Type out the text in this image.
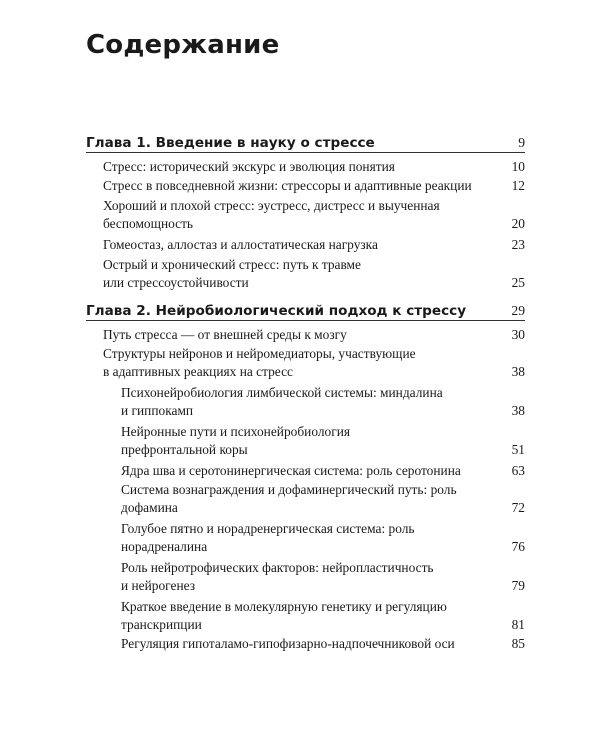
Содержание
Глава 1. Введение в науку о стрессе	9
Стресс: исторический экскурс и эволюция понятия	10
Стресс в повседневной жизни: стрессоры и адаптивные реакции	12
Хороший и плохой стресс: эустресс, дистресс и выученная
беспомощность	20
Гомеостаз, аллостаз и аллостатическая нагрузка	23
Острый и хронический стресс: путь к травме
или стрессоустойчивости	25
Глава 2. Нейробиологический подход к стрессу	29
Путь стресса — от внешней среды к мозгу	30
Структуры нейронов и нейромедиаторы, участвующие
в адаптивных реакциях на стресс	38
Психонейробиология лимбической системы: миндалина
и гиппокамп	38
Нейронные пути и психонейробиология
префронтальной коры	51
Ядра шва и серотонинергическая система: роль серотонина	63
Система вознаграждения и дофаминергический путь: роль
дофамина	72
Голубое пятно и норадренергическая система: роль
норадреналина	76
Роль нейротрофических факторов: нейропластичность
и нейрогенез	79
Краткое введение в молекулярную генетику и регуляцию
транскрипции	81
Регуляция гипоталамо-гипофизарно-надпочечниковой оси	85
